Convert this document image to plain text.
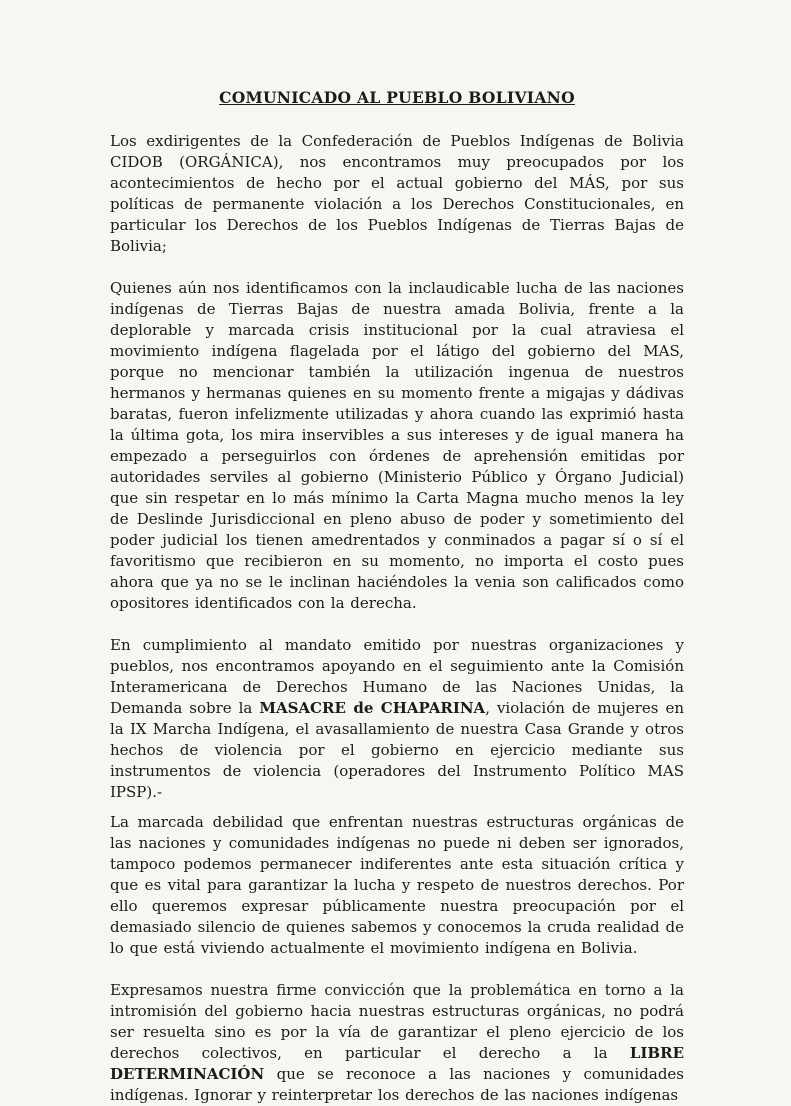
COMUNICADO AL PUEBLO BOLIVIANO

Los exdirigentes de la Confederación de Pueblos Indígenas de Bolivia CIDOB (ORGÁNICA), nos encontramos muy preocupados por los acontecimientos de hecho por el actual gobierno del MÁS, por sus políticas de permanente violación a los Derechos Constitucionales, en particular los Derechos de los Pueblos Indígenas de Tierras Bajas de Bolivia;

Quienes aún nos identificamos con la inclaudicable lucha de las naciones indígenas de Tierras Bajas de nuestra amada Bolivia, frente a la deplorable y marcada crisis institucional por la cual atraviesa el movimiento indígena flagelada por el látigo del gobierno del MAS, porque no mencionar también la utilización ingenua de nuestros hermanos y hermanas quienes en su momento frente a migajas y dádivas baratas, fueron infelizmente utilizadas y ahora cuando las exprimió hasta la última gota, los mira inservibles a sus intereses y de igual manera ha empezado a perseguirlos con órdenes de aprehensión emitidas por autoridades serviles al gobierno (Ministerio Público y Órgano Judicial) que sin respetar en lo más mínimo la Carta Magna mucho menos la ley de Deslinde Jurisdiccional en pleno abuso de poder y sometimiento del poder judicial los tienen amedrentados y conminados a pagar sí o sí el favoritismo que recibieron en su momento, no importa el costo pues ahora que ya no se le inclinan haciéndoles la venia son calificados como opositores identificados con la derecha.

En cumplimiento al mandato emitido por nuestras organizaciones y pueblos, nos encontramos apoyando en el seguimiento ante la Comisión Interamericana de Derechos Humano de las Naciones Unidas, la Demanda sobre la MASACRE de CHAPARINA, violación de mujeres en la IX Marcha Indígena, el avasallamiento de nuestra Casa Grande y otros hechos de violencia por el gobierno en ejercicio mediante sus instrumentos de violencia (operadores del Instrumento Político MAS IPSP).-

La marcada debilidad que enfrentan nuestras estructuras orgánicas de las naciones y comunidades indígenas no puede ni deben ser ignorados, tampoco podemos permanecer indiferentes ante esta situación crítica y que es vital para garantizar la lucha y respeto de nuestros derechos. Por ello queremos expresar públicamente nuestra preocupación por el demasiado silencio de quienes sabemos y conocemos la cruda realidad de lo que está viviendo actualmente el movimiento indígena en Bolivia.

Expresamos nuestra firme convicción que la problemática en torno a la intromisión del gobierno hacia nuestras estructuras orgánicas, no podrá ser resuelta sino es por la vía de garantizar el pleno ejercicio de los derechos colectivos, en particular el derecho a la LIBRE DETERMINACIÓN que se reconoce a las naciones y comunidades indígenas. Ignorar y reinterpretar los derechos de las naciones indígenas
